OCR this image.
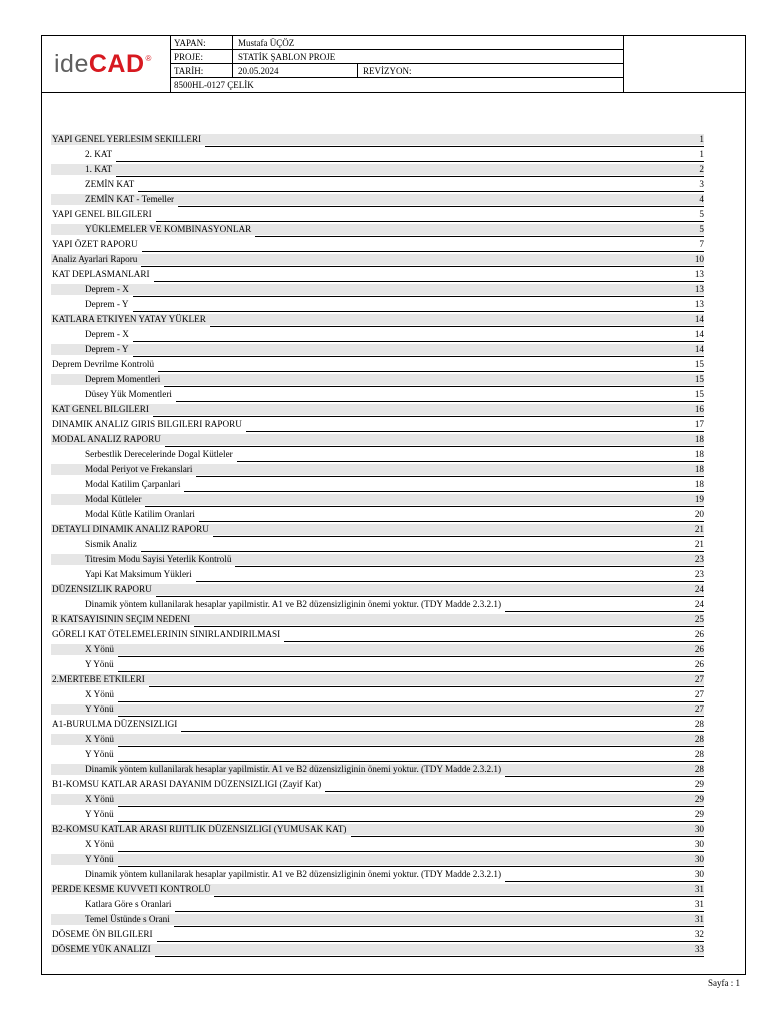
ideCAD®
YAPAN:	Mustafa ÜÇÖZ
PROJE:	STATİK ŞABLON PROJE
TARİH:	20.05.2024	REVİZYON:
8500HL-0127 ÇELİK
YAPI GENEL YERLESIM SEKILLERI	1
2. KAT	1
1. KAT	2
ZEMİN KAT	3
ZEMİN KAT - Temeller	4
YAPI GENEL BILGILERI	5
YÜKLEMELER VE KOMBINASYONLAR	5
YAPI ÖZET RAPORU	7
Analiz Ayarlari Raporu	10
KAT DEPLASMANLARI	13
Deprem - X	13
Deprem - Y	13
KATLARA ETKIYEN YATAY YÜKLER	14
Deprem - X	14
Deprem - Y	14
Deprem Devrilme Kontrolü	15
Deprem Momentleri	15
Düsey Yük Momentleri	15
KAT GENEL BILGILERI	16
DINAMIK ANALIZ GIRIS BILGILERI RAPORU	17
MODAL ANALIZ RAPORU	18
Serbestlik Derecelerinde Dogal Kütleler	18
Modal Periyot ve Frekanslari	18
Modal Katilim Çarpanlari	18
Modal Kütleler	19
Modal Kütle Katilim Oranlari	20
DETAYLI DINAMIK ANALIZ RAPORU	21
Sismik Analiz	21
Titresim Modu Sayisi Yeterlik Kontrolü	23
Yapi Kat Maksimum Yükleri	23
DÜZENSIZLIK RAPORU	24
Dinamik yöntem kullanilarak hesaplar yapilmistir. A1 ve B2 düzensizliginin önemi yoktur. (TDY Madde 2.3.2.1)	24
R KATSAYISININ SEÇIM NEDENI	25
GÖRELI KAT ÖTELEMELERININ SINIRLANDIRILMASI	26
X Yönü	26
Y Yönü	26
2.MERTEBE ETKILERI	27
X Yönü	27
Y Yönü	27
A1-BURULMA DÜZENSIZLIGI	28
X Yönü	28
Y Yönü	28
Dinamik yöntem kullanilarak hesaplar yapilmistir. A1 ve B2 düzensizliginin önemi yoktur. (TDY Madde 2.3.2.1)	28
B1-KOMSU KATLAR ARASI DAYANIM DÜZENSIZLIGI (Zayif Kat)	29
X Yönü	29
Y Yönü	29
B2-KOMSU KATLAR ARASI RIJITLIK DÜZENSIZLIGI (YUMUSAK KAT)	30
X Yönü	30
Y Yönü	30
Dinamik yöntem kullanilarak hesaplar yapilmistir. A1 ve B2 düzensizliginin önemi yoktur. (TDY Madde 2.3.2.1)	30
PERDE KESME KUVVETI KONTROLÜ	31
Katlara Göre s Oranlari	31
Temel Üstünde s Orani	31
DÖSEME ÖN BILGILERI	32
DÖSEME YÜK ANALIZI	33
Sayfa : 1
